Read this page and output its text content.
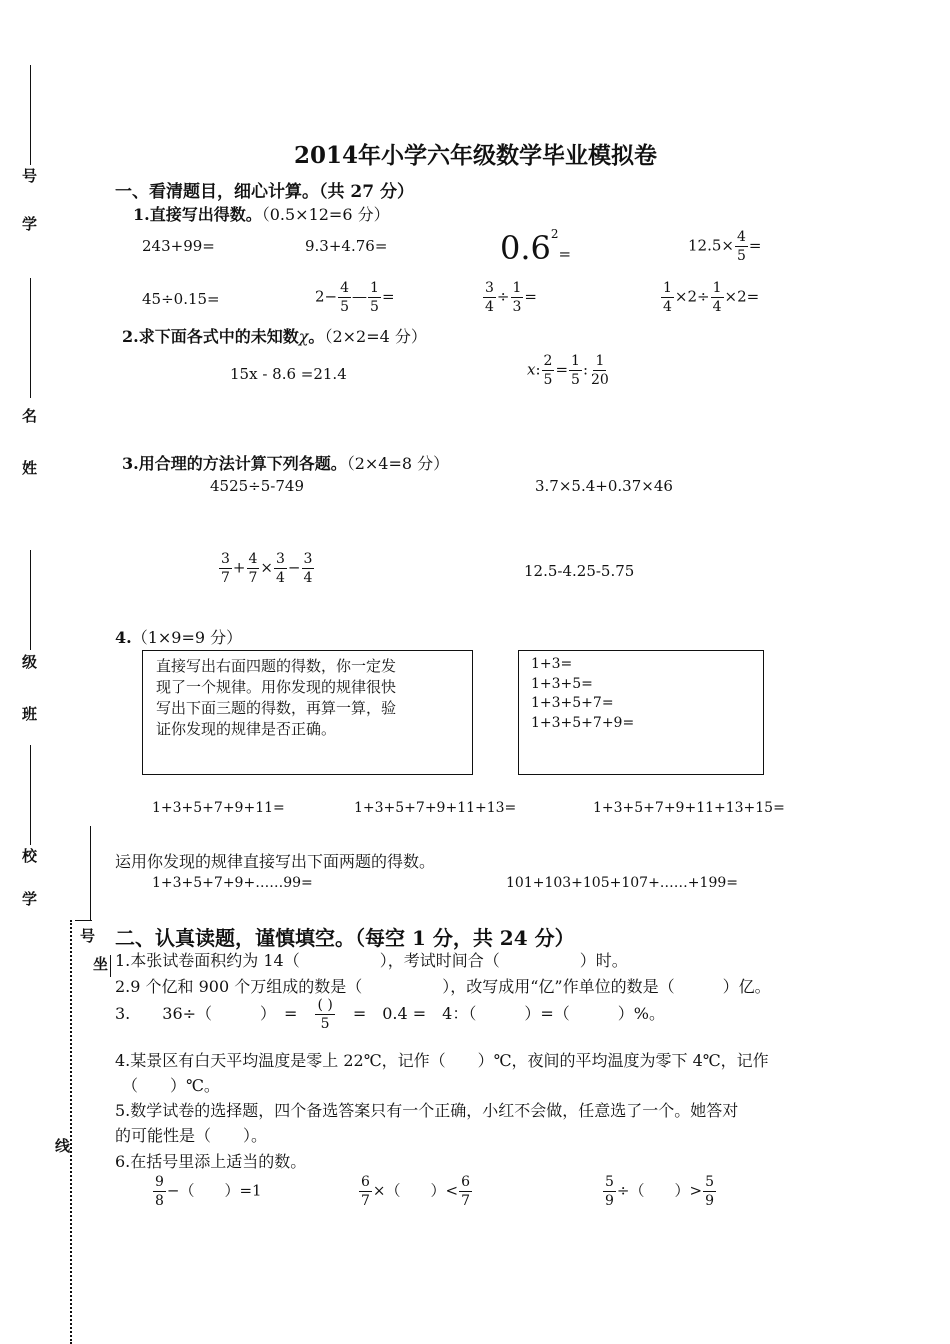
号
学
名
姓
级
班
校
学
号
坐
线
2014年小学六年级数学毕业模拟卷
一、看清题目，细心计算。（共 27 分）
1.直接写出得数。（0.5×12=6 分）
243+99=	9.3+4.76=	$0.6^2=$	$12.5\times \frac{4}{5}$ =
45÷0.15=	$2- \frac{4}{5}$ — $\frac{1}{5}$ =	$\frac{3}{4} \div \frac{1}{3}$ =	$\frac{1}{4} \times 2\div \frac{1}{4} \times 2=$
2.求下面各式中的未知数χ。（2×2=4 分）
15x - 8.6 =21.4	x: $\frac{2}{5} = \frac{1}{5}$ : $\frac{1}{20}$
3.用合理的方法计算下列各题。（2×4=8 分）
4525÷5-749	3.7×5.4+0.37×46
$\frac{3}{7} + \frac{4}{7} \times \frac{3}{4} - \frac{3}{4}$	12.5-4.25-5.75
4.（1×9=9 分）
直接写出右面四题的得数，你一定发
现了一个规律。用你发现的规律很快
写出下面三题的得数，再算一算，验
证你发现的规律是否正确。
1+3=
1+3+5=
1+3+5+7=
1+3+5+7+9=
1+3+5+7+9+11=	1+3+5+7+9+11+13=	1+3+5+7+9+11+13+15=
运用你发现的规律直接写出下面两题的得数。
1+3+5+7+9+……99=	101+103+105+107+……+199=
二、认真读题，谨慎填空。（每空 1 分，共 24 分）
1.本张试卷面积约为 14（　　　　　），考试时间合（　　　　　）时。
2.9 个亿和 900 个万组成的数是（　　　　　），改写成用“亿”作单位的数是（　　　）亿。
3.　　36÷（　　　）　= $\frac{( )}{5}$ =　0.4 =　4：（　　　）=（　　　）%。
4.某景区有白天平均温度是零上 22℃，记作（　　）℃，夜间的平均温度为零下 4℃，记作
（　　）℃。
5.数学试卷的选择题，四个备选答案只有一个正确，小红不会做，任意选了一个。她答对
的可能性是（　　）。
6.在括号里添上适当的数。
$\frac{9}{8}$ −（　　）=1	$\frac{6}{7}$ ×（　　）< $\frac{6}{7}$	$\frac{5}{9}$ ÷（　　）> $\frac{5}{9}$
